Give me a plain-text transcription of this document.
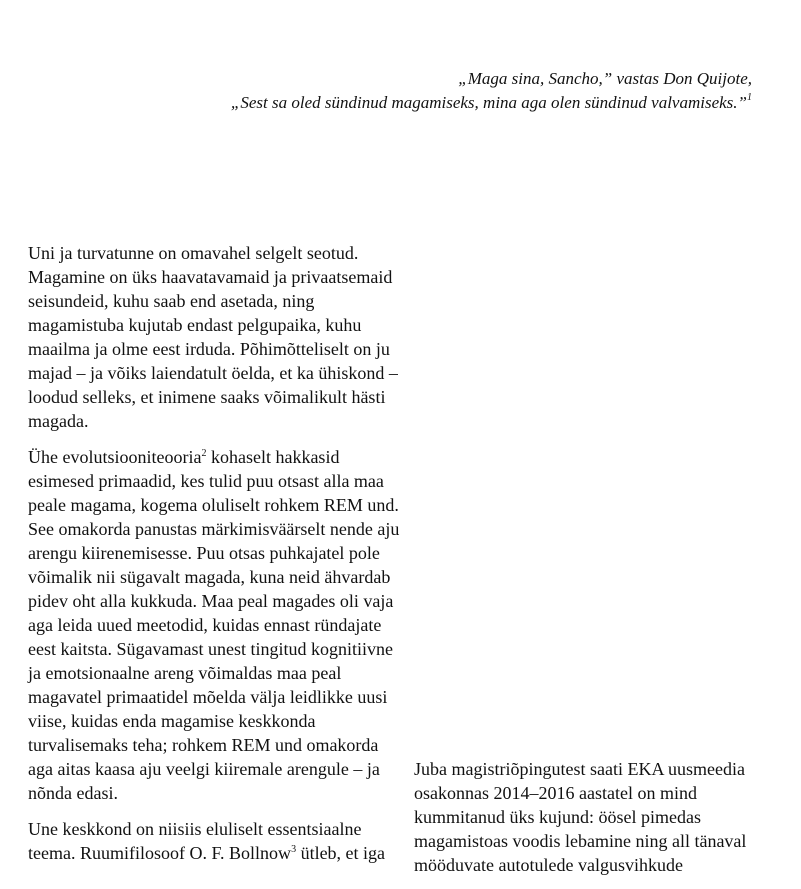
„Maga sina, Sancho,” vastas Don Quijote,
„Sest sa oled sündinud magamiseks, mina aga olen sündinud valvamiseks.”$^1$

Uni ja turvatunne on omavahel selgelt seotud.
Magamine on üks haavatavamaid ja privaatsemaid
seisundeid, kuhu saab end asetada, ning
magamistuba kujutab endast pelgupaika, kuhu
maailma ja olme eest irduda. Põhimõtteliselt on ju
majad – ja võiks laiendatult öelda, et ka ühiskond –
loodud selleks, et inimene saaks võimalikult hästi
magada.

Ühe evolutsiooniteooria$^2$ kohaselt hakkasid
esimesed primaadid, kes tulid puu otsast alla maa
peale magama, kogema oluliselt rohkem REM und.
See omakorda panustas märkimisväärselt nende aju
arengu kiirenemisesse. Puu otsas puhkajatel pole
võimalik nii sügavalt magada, kuna neid ähvardab
pidev oht alla kukkuda. Maa peal magades oli vaja
aga leida uued meetodid, kuidas ennast ründajate
eest kaitsta. Sügavamast unest tingitud kognitiivne
ja emotsionaalne areng võimaldas maa peal
magavatel primaatidel mõelda välja leidlikke uusi
viise, kuidas enda magamise keskkonda
turvalisemaks teha; rohkem REM und omakorda
aga aitas kaasa aju veelgi kiiremale arengule – ja
nõnda edasi.

Une keskkond on niisiis eluliselt essentsiaalne
teema. Ruumifilosoof O. F. Bollnow$^3$ ütleb, et iga

Juba magistriõpingutest saati EKA uusmeedia
osakonnas 2014–2016 aastatel on mind
kummitanud üks kujund: öösel pimedas
magamistoas voodis lebamine ning all tänaval
mööduvate autotulede valgusvihkude
